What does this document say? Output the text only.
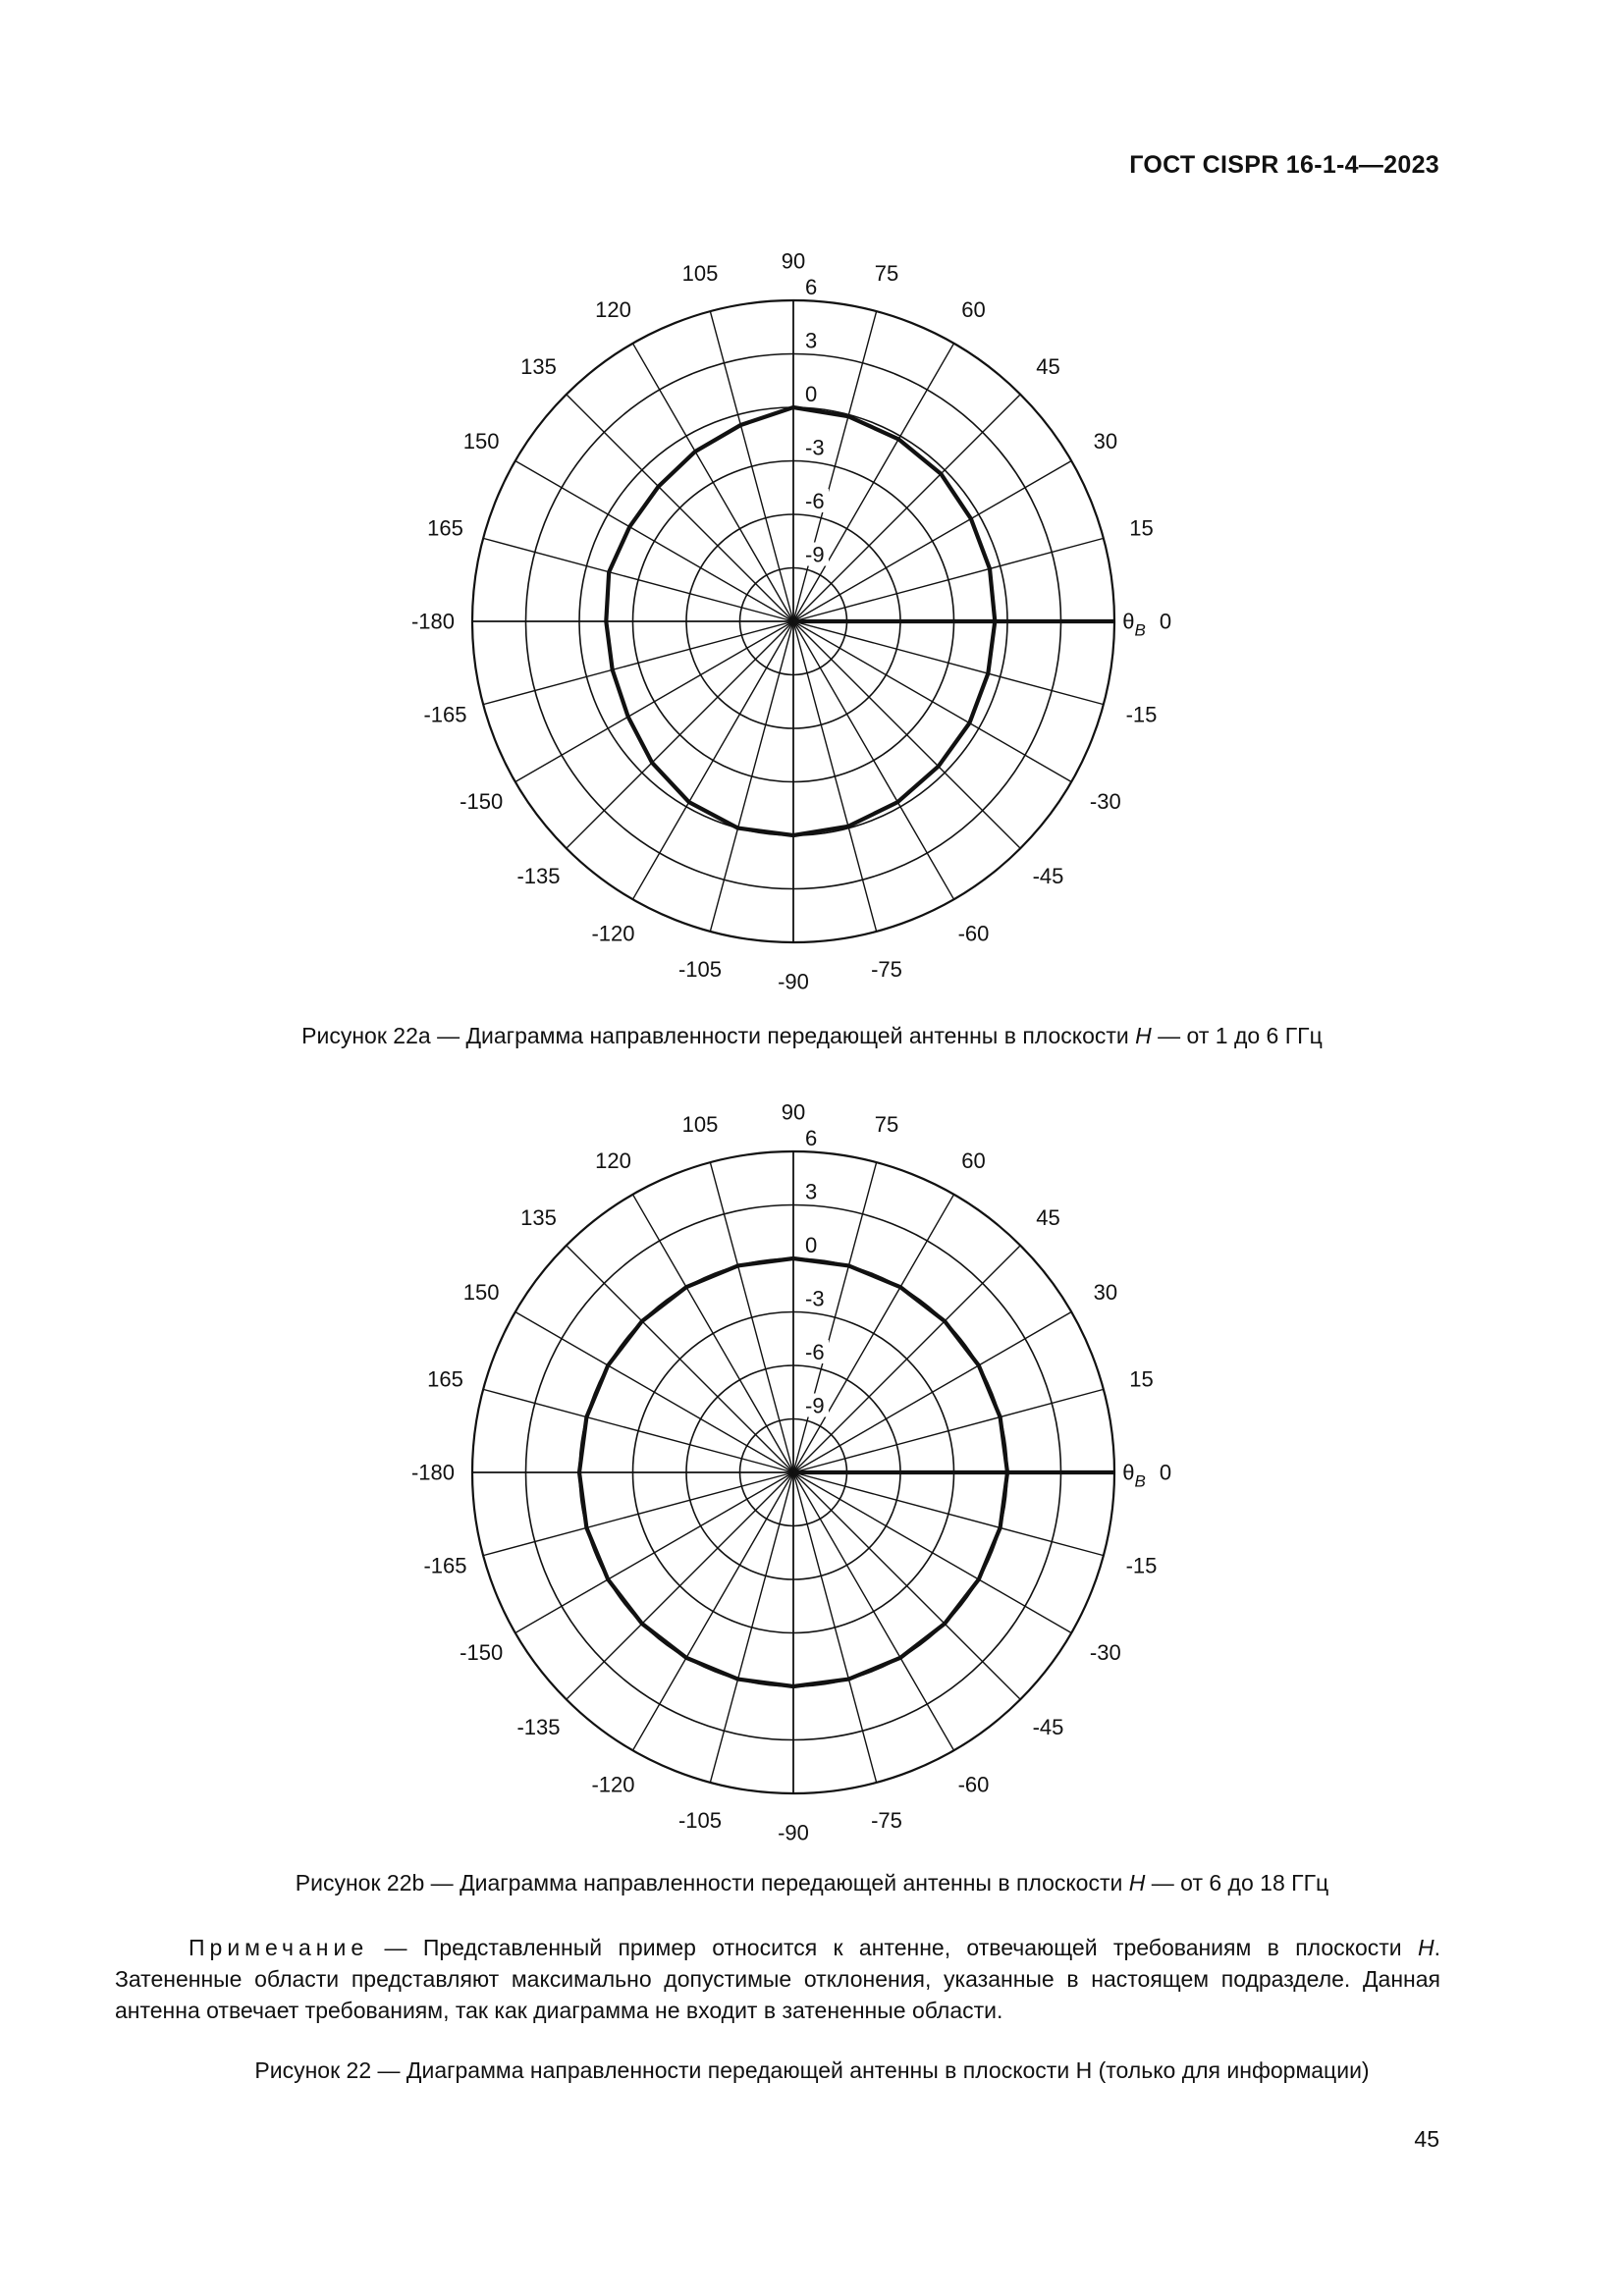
ГОСТ CISPR 16-1-4—2023
0
$\theta_B$
15
30
45
60
75
90
105
120
135
150
165
-180
-165
-150
-135
-120
-105
-90
-75
-60
-45
-30
-15
6
3
0
-3
-6
-9
Рисунок 22а — Диаграмма направленности передающей антенны в плоскости Н — от 1 до 6 ГГц
0
$\theta_B$
15
30
45
60
75
90
105
120
135
150
165
-180
-165
-150
-135
-120
-105
-90
-75
-60
-45
-30
-15
6
3
0
-3
-6
-9
Рисунок 22b — Диаграмма направленности передающей антенны в плоскости Н — от 6 до 18 ГГц
Примечание — Представленный пример относится к антенне, отвечающей требованиям в плоскости Н. Затененные области представляют максимально допустимые отклонения, указанные в настоящем подразделе. Данная антенна отвечает требованиям, так как диаграмма не входит в затененные области.
Рисунок 22 — Диаграмма направленности передающей антенны в плоскости Н (только для информации)
45
